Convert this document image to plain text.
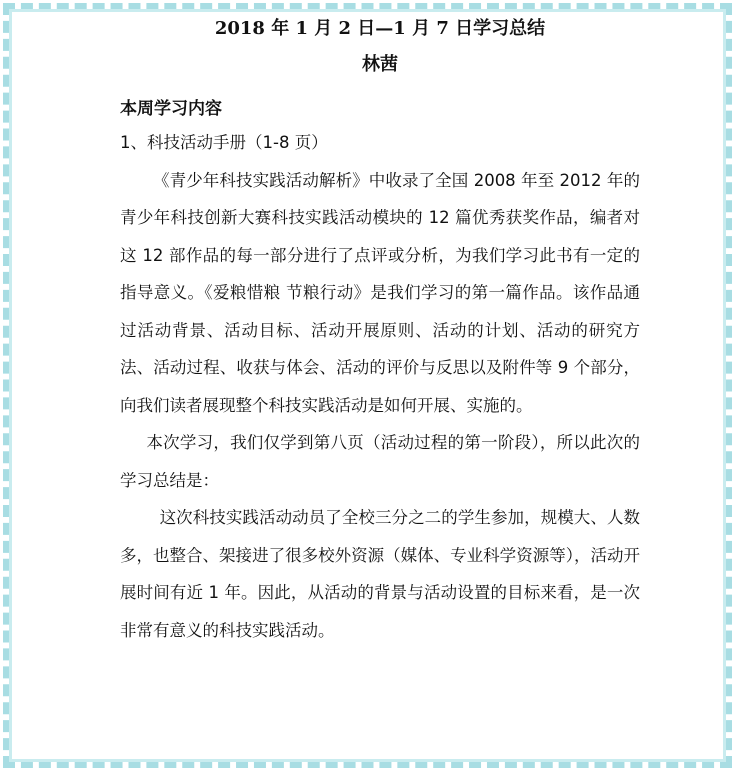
2018 年 1 月 2 日—1 月 7 日学习总结
林茜
本周学习内容

1、科技活动手册（1-8 页）

《青少年科技实践活动解析》中收录了全国 2008 年至 2012 年的青少年科技创新大赛科技实践活动模块的 12 篇优秀获奖作品，编者对这 12 部作品的每一部分进行了点评或分析，为我们学习此书有一定的指导意义。《爱粮惜粮 节粮行动》是我们学习的第一篇作品。该作品通过活动背景、活动目标、活动开展原则、活动的计划、活动的研究方法、活动过程、收获与体会、活动的评价与反思以及附件等 9 个部分，向我们读者展现整个科技实践活动是如何开展、实施的。

本次学习，我们仅学到第八页（活动过程的第一阶段），所以此次的学习总结是：

这次科技实践活动动员了全校三分之二的学生参加，规模大、人数多，也整合、架接进了很多校外资源（媒体、专业科学资源等），活动开展时间有近 1 年。因此，从活动的背景与活动设置的目标来看，是一次非常有意义的科技实践活动。
